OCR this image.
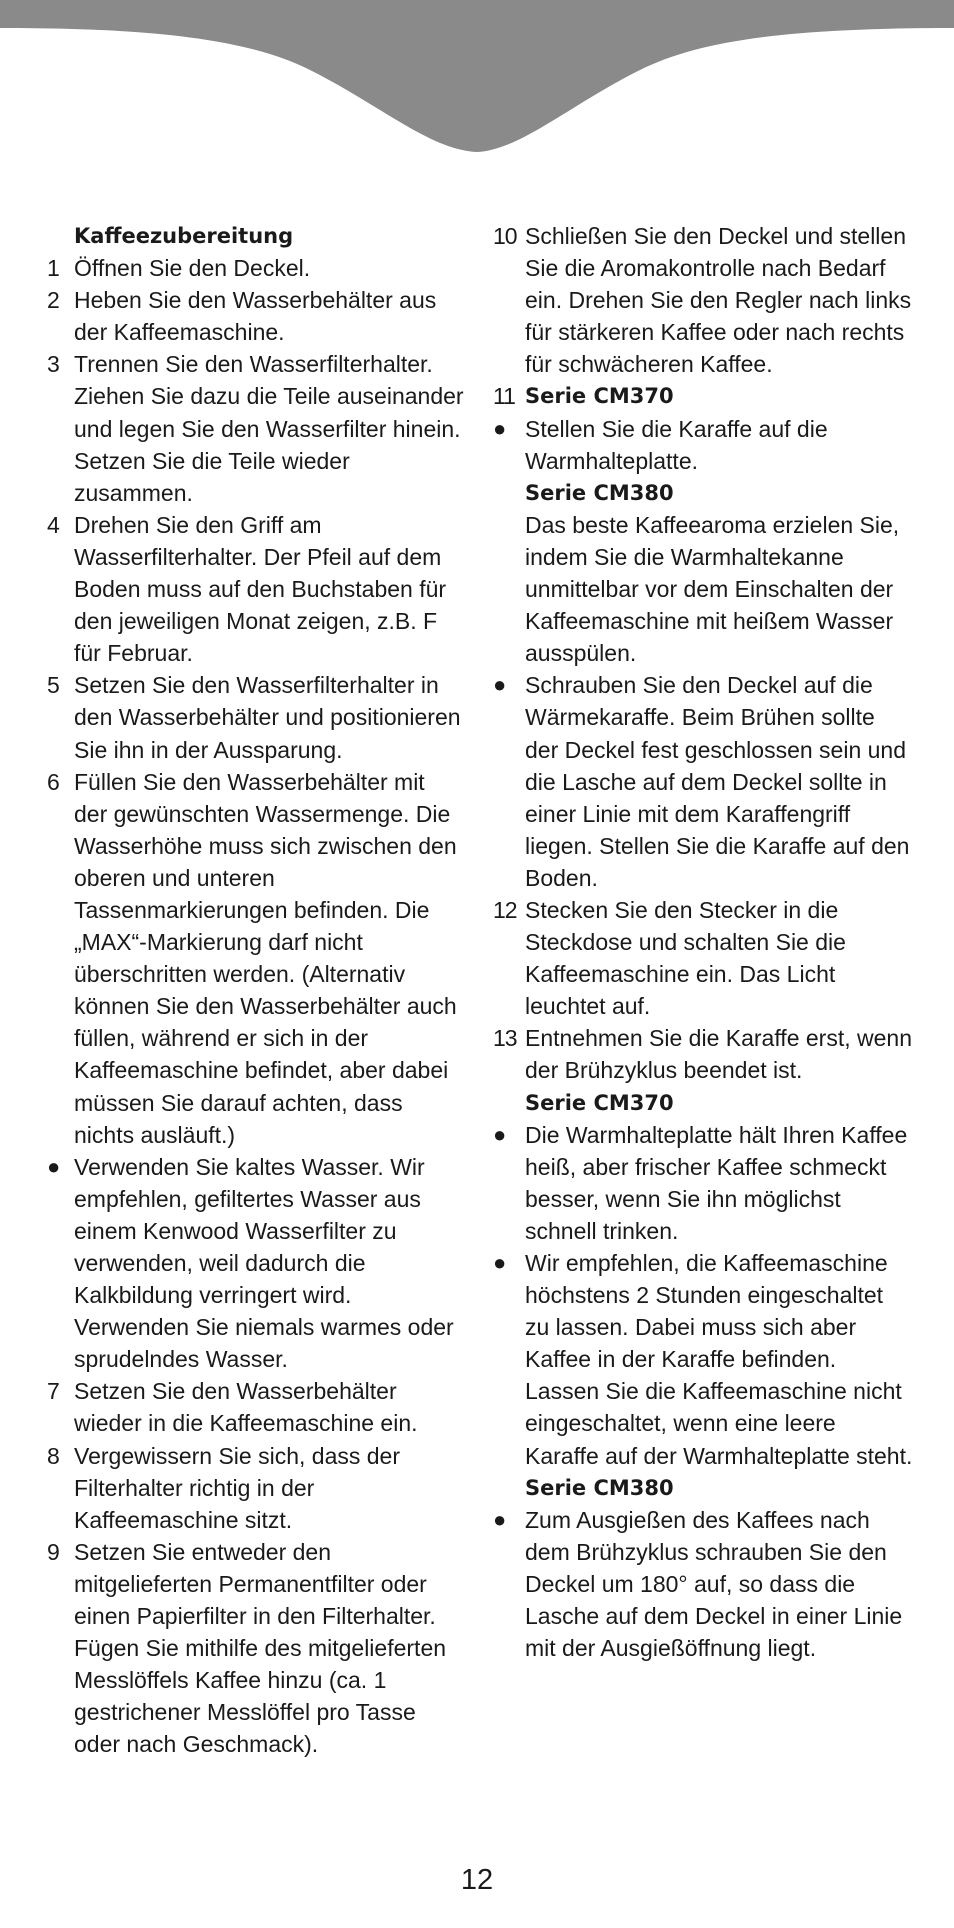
Kaffeezubereitung
1 Öffnen Sie den Deckel.
2 Heben Sie den Wasserbehälter aus der Kaffeemaschine.
3 Trennen Sie den Wasserfilterhalter. Ziehen Sie dazu die Teile auseinander und legen Sie den Wasserfilter hinein. Setzen Sie die Teile wieder zusammen.
4 Drehen Sie den Griff am Wasserfilterhalter. Der Pfeil auf dem Boden muss auf den Buchstaben für den jeweiligen Monat zeigen, z.B. F für Februar.
5 Setzen Sie den Wasserfilterhalter in den Wasserbehälter und positionieren Sie ihn in der Aussparung.
6 Füllen Sie den Wasserbehälter mit der gewünschten Wassermenge. Die Wasserhöhe muss sich zwischen den oberen und unteren Tassenmarkierungen befinden. Die „MAX“-Markierung darf nicht überschritten werden. (Alternativ können Sie den Wasserbehälter auch füllen, während er sich in der Kaffeemaschine befindet, aber dabei müssen Sie darauf achten, dass nichts ausläuft.)
● Verwenden Sie kaltes Wasser. Wir empfehlen, gefiltertes Wasser aus einem Kenwood Wasserfilter zu verwenden, weil dadurch die Kalkbildung verringert wird. Verwenden Sie niemals warmes oder sprudelndes Wasser.
7 Setzen Sie den Wasserbehälter wieder in die Kaffeemaschine ein.
8 Vergewissern Sie sich, dass der Filterhalter richtig in der Kaffeemaschine sitzt.
9 Setzen Sie entweder den mitgelieferten Permanentfilter oder einen Papierfilter in den Filterhalter. Fügen Sie mithilfe des mitgelieferten Messlöffels Kaffee hinzu (ca. 1 gestrichener Messlöffel pro Tasse oder nach Geschmack).
10 Schließen Sie den Deckel und stellen Sie die Aromakontrolle nach Bedarf ein. Drehen Sie den Regler nach links für stärkeren Kaffee oder nach rechts für schwächeren Kaffee.
11 Serie CM370
● Stellen Sie die Karaffe auf die Warmhalteplatte.
Serie CM380
Das beste Kaffeearoma erzielen Sie, indem Sie die Warmhaltekanne unmittelbar vor dem Einschalten der Kaffeemaschine mit heißem Wasser ausspülen.
● Schrauben Sie den Deckel auf die Wärmekaraffe. Beim Brühen sollte der Deckel fest geschlossen sein und die Lasche auf dem Deckel sollte in einer Linie mit dem Karaffengriff liegen. Stellen Sie die Karaffe auf den Boden.
12 Stecken Sie den Stecker in die Steckdose und schalten Sie die Kaffeemaschine ein. Das Licht leuchtet auf.
13 Entnehmen Sie die Karaffe erst, wenn der Brühzyklus beendet ist.
Serie CM370
● Die Warmhalteplatte hält Ihren Kaffee heiß, aber frischer Kaffee schmeckt besser, wenn Sie ihn möglichst schnell trinken.
● Wir empfehlen, die Kaffeemaschine höchstens 2 Stunden eingeschaltet zu lassen. Dabei muss sich aber Kaffee in der Karaffe befinden. Lassen Sie die Kaffeemaschine nicht eingeschaltet, wenn eine leere Karaffe auf der Warmhalteplatte steht.
Serie CM380
● Zum Ausgießen des Kaffees nach dem Brühzyklus schrauben Sie den Deckel um 180° auf, so dass die Lasche auf dem Deckel in einer Linie mit der Ausgießöffnung liegt.
12
